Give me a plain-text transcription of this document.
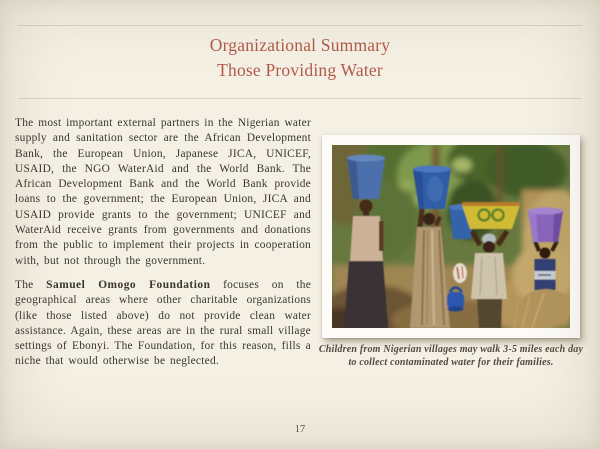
Organizational Summary
Those Providing Water
The most important external partners in the Nigerian water supply and sanitation sector are the African Development Bank, the European Union, Japanese JICA, UNICEF, USAID, the NGO WaterAid and the World Bank. The African Development Bank and the World Bank provide loans to the government; the European Union, JICA and USAID provide grants to the government; UNICEF and WaterAid receive grants from governments and donations from the public to implement their projects in cooperation with, but not through the government.
The Samuel Omogo Foundation focuses on the geographical areas where other charitable organizations (like those listed above) do not provide clean water assistance. Again, these areas are in the rural small village settings of Ebonyi. The Foundation, for this reason, fills a niche that would otherwise be neglected.
Children from Nigerian villages may walk 3-5 miles each day to collect contaminated water for their families.
17
